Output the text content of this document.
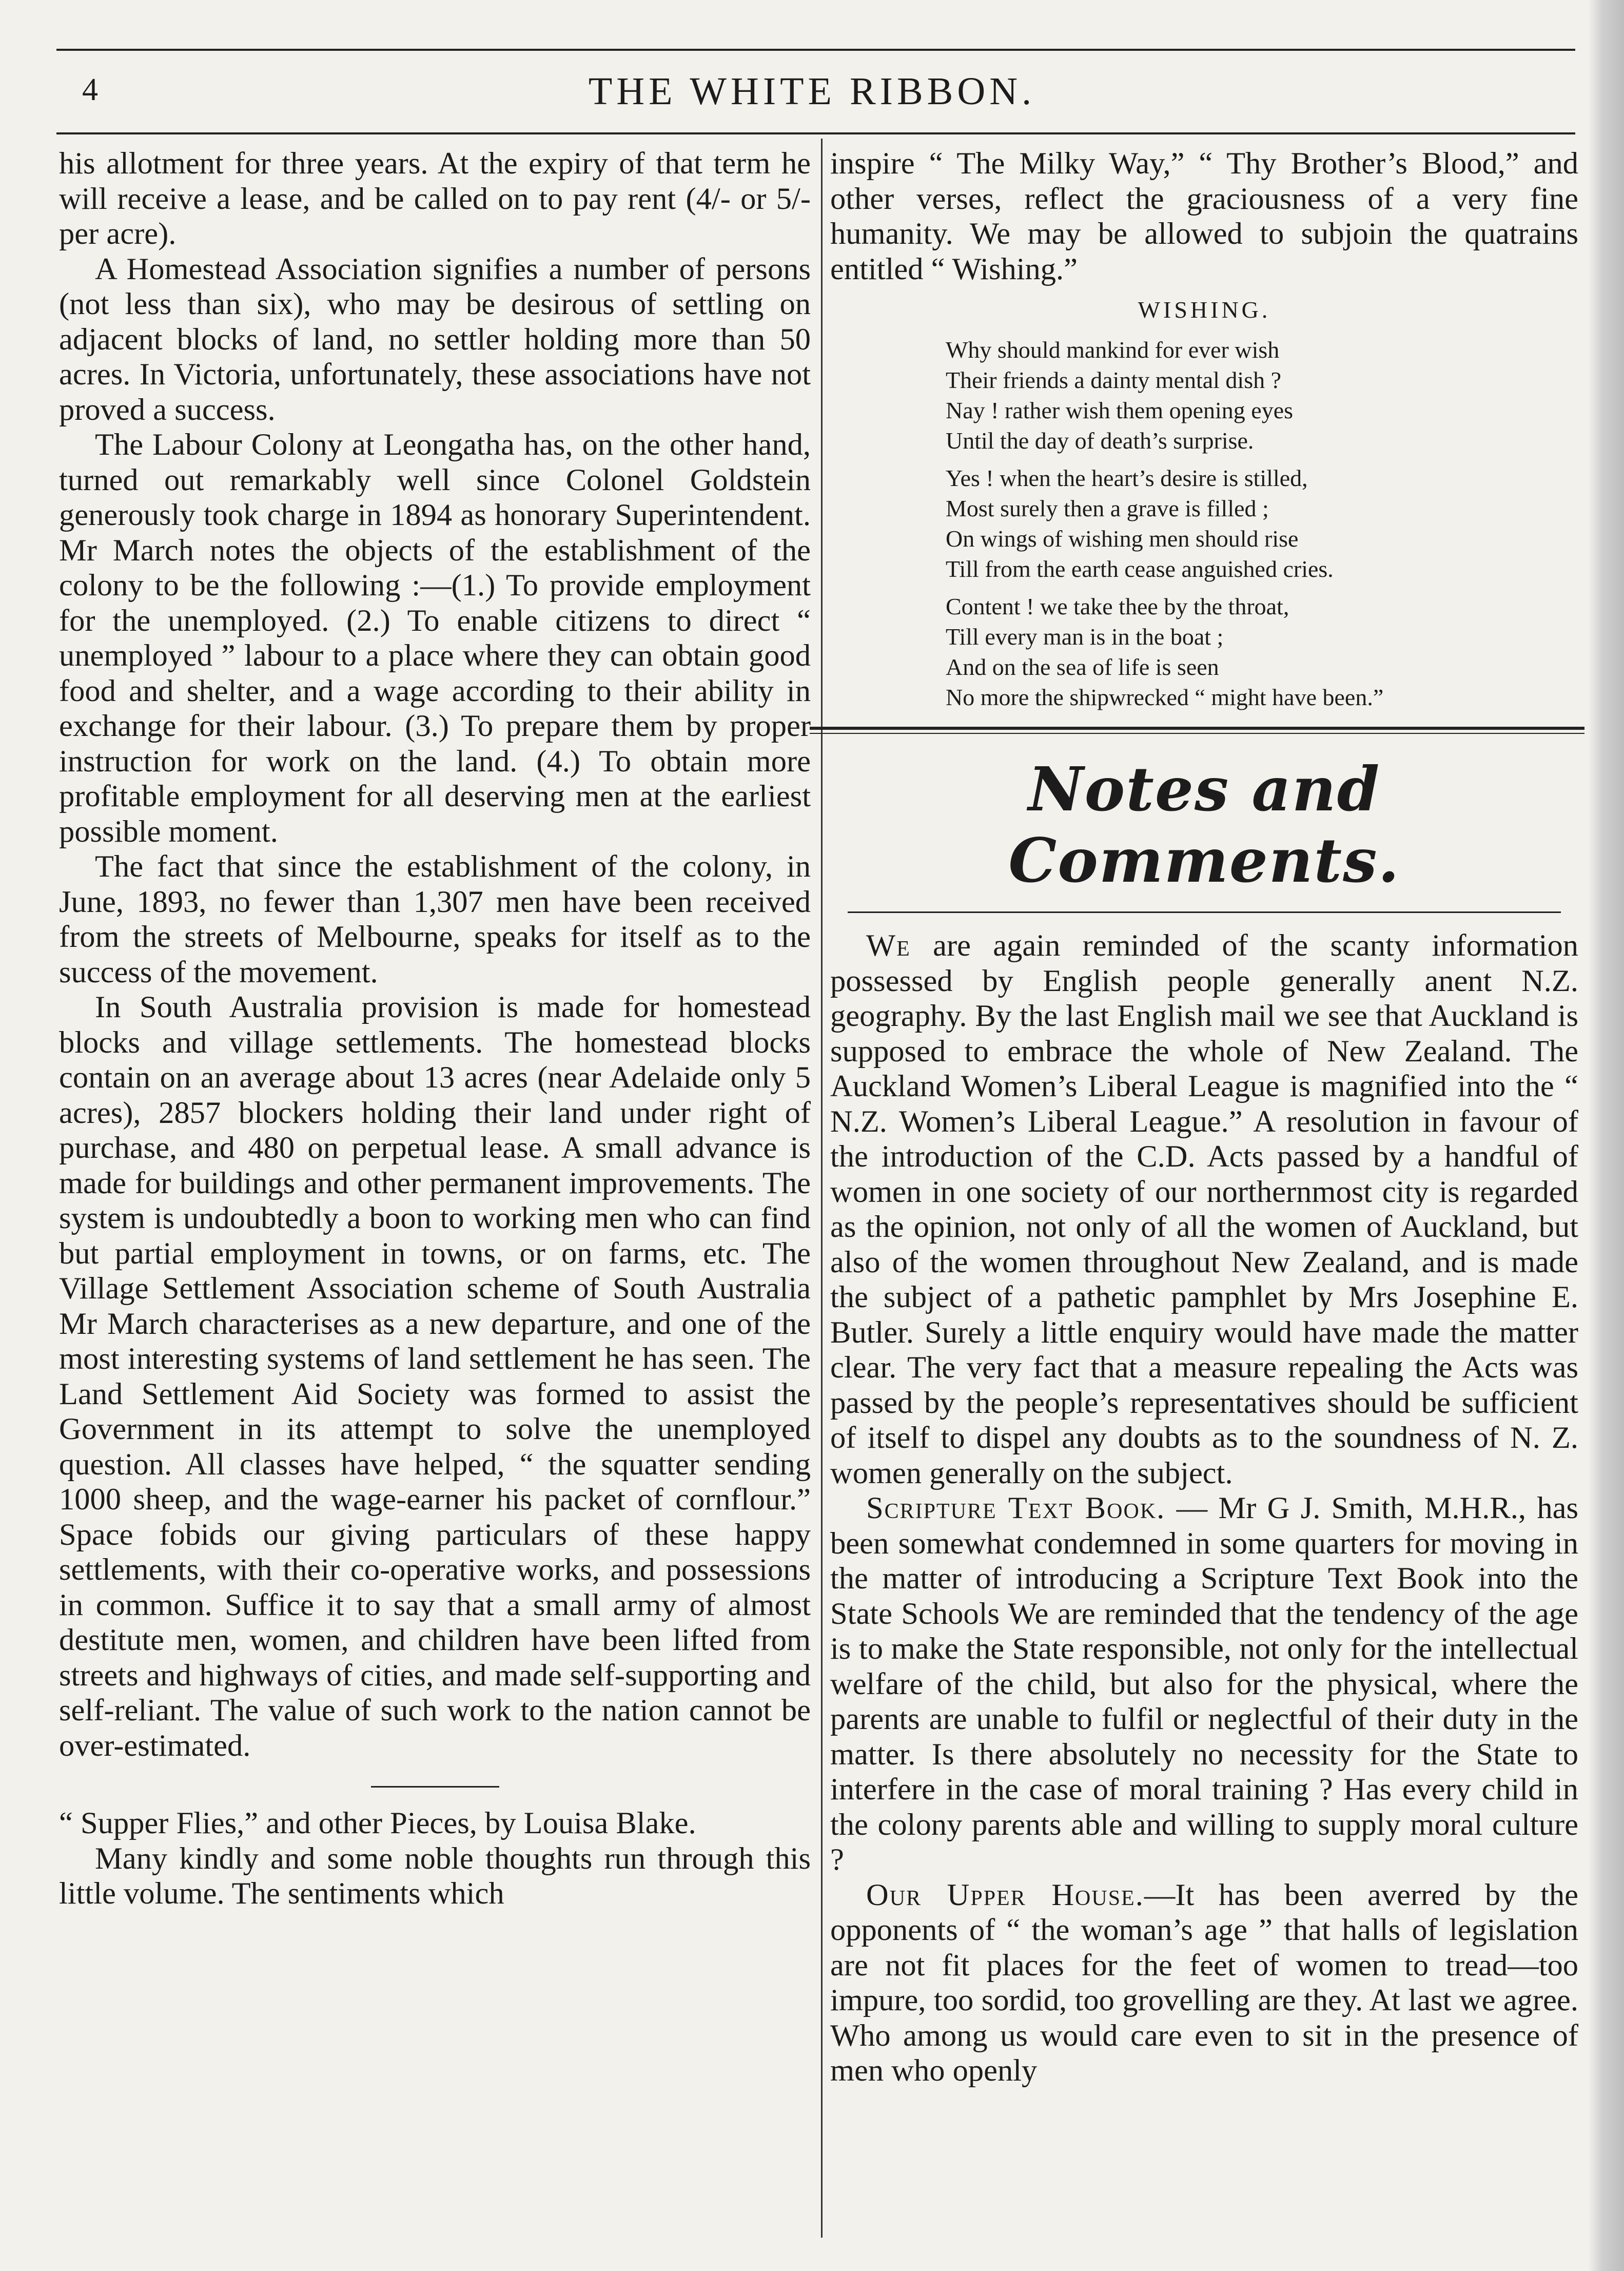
4	THE WHITE RIBBON.

his allotment for three years. At the expiry of that term he will receive a lease, and be called on to pay rent (4/- or 5/- per acre).

A Homestead Association signifies a number of persons (not less than six), who may be desirous of settling on adjacent blocks of land, no settler holding more than 50 acres. In Victoria, unfortunately, these associations have not proved a success.

The Labour Colony at Leongatha has, on the other hand, turned out remarkably well since Colonel Goldstein generously took charge in 1894 as honorary Superintendent. Mr March notes the objects of the establishment of the colony to be the following :—(1.) To provide employment for the unemployed. (2.) To enable citizens to direct “ unemployed ” labour to a place where they can obtain good food and shelter, and a wage according to their ability in exchange for their labour. (3.) To prepare them by proper instruction for work on the land. (4.) To obtain more profitable employment for all deserving men at the earliest possible moment.

The fact that since the establishment of the colony, in June, 1893, no fewer than 1,307 men have been received from the streets of Melbourne, speaks for itself as to the success of the movement.

In South Australia provision is made for homestead blocks and village settlements. The homestead blocks contain on an average about 13 acres (near Adelaide only 5 acres), 2857 blockers holding their land under right of purchase, and 480 on perpetual lease. A small advance is made for buildings and other permanent improvements. The system is undoubtedly a boon to working men who can find but partial employment in towns, or on farms, etc. The Village Settlement Association scheme of South Australia Mr March characterises as a new departure, and one of the most interesting systems of land settlement he has seen. The Land Settlement Aid Society was formed to assist the Government in its attempt to solve the unemployed question. All classes have helped, “ the squatter sending 1000 sheep, and the wage-earner his packet of cornflour.” Space fobids our giving particulars of these happy settlements, with their co-operative works, and possessions in common. Suffice it to say that a small army of almost destitute men, women, and children have been lifted from streets and highways of cities, and made self-supporting and self-reliant. The value of such work to the nation cannot be over-estimated.

“ Supper Flies,” and other Pieces, by Louisa Blake.

Many kindly and some noble thoughts run through this little volume. The sentiments which

inspire “ The Milky Way,” “ Thy Brother’s Blood,” and other verses, reflect the graciousness of a very fine humanity. We may be allowed to subjoin the quatrains entitled “ Wishing.”

WISHING.
Why should mankind for ever wish
Their friends a dainty mental dish ?
Nay ! rather wish them opening eyes
Until the day of death’s surprise.
Yes ! when the heart’s desire is stilled,
Most surely then a grave is filled ;
On wings of wishing men should rise
Till from the earth cease anguished cries.
Content ! we take thee by the throat,
Till every man is in the boat ;
And on the sea of life is seen
No more the shipwrecked “ might have been.”
Notes and Comments.

We are again reminded of the scanty information possessed by English people generally anent N.Z. geography. By the last English mail we see that Auckland is supposed to embrace the whole of New Zealand. The Auckland Women’s Liberal League is magnified into the “ N.Z. Women’s Liberal League.” A resolution in favour of the introduction of the C.D. Acts passed by a handful of women in one society of our northernmost city is regarded as the opinion, not only of all the women of Auckland, but also of the women throughout New Zealand, and is made the subject of a pathetic pamphlet by Mrs Josephine E. Butler. Surely a little enquiry would have made the matter clear. The very fact that a measure repealing the Acts was passed by the people’s representatives should be sufficient of itself to dispel any doubts as to the soundness of N. Z. women generally on the subject.

Scripture Text Book. — Mr G J. Smith, M.H.R., has been somewhat condemned in some quarters for moving in the matter of introducing a Scripture Text Book into the State Schools We are reminded that the tendency of the age is to make the State responsible, not only for the intellectual welfare of the child, but also for the physical, where the parents are unable to fulfil or neglectful of their duty in the matter. Is there absolutely no necessity for the State to interfere in the case of moral training ? Has every child in the colony parents able and willing to supply moral culture ?

Our Upper House.—It has been averred by the opponents of “ the woman’s age ” that halls of legislation are not fit places for the feet of women to tread—too impure, too sordid, too grovelling are they. At last we agree. Who among us would care even to sit in the presence of men who openly
